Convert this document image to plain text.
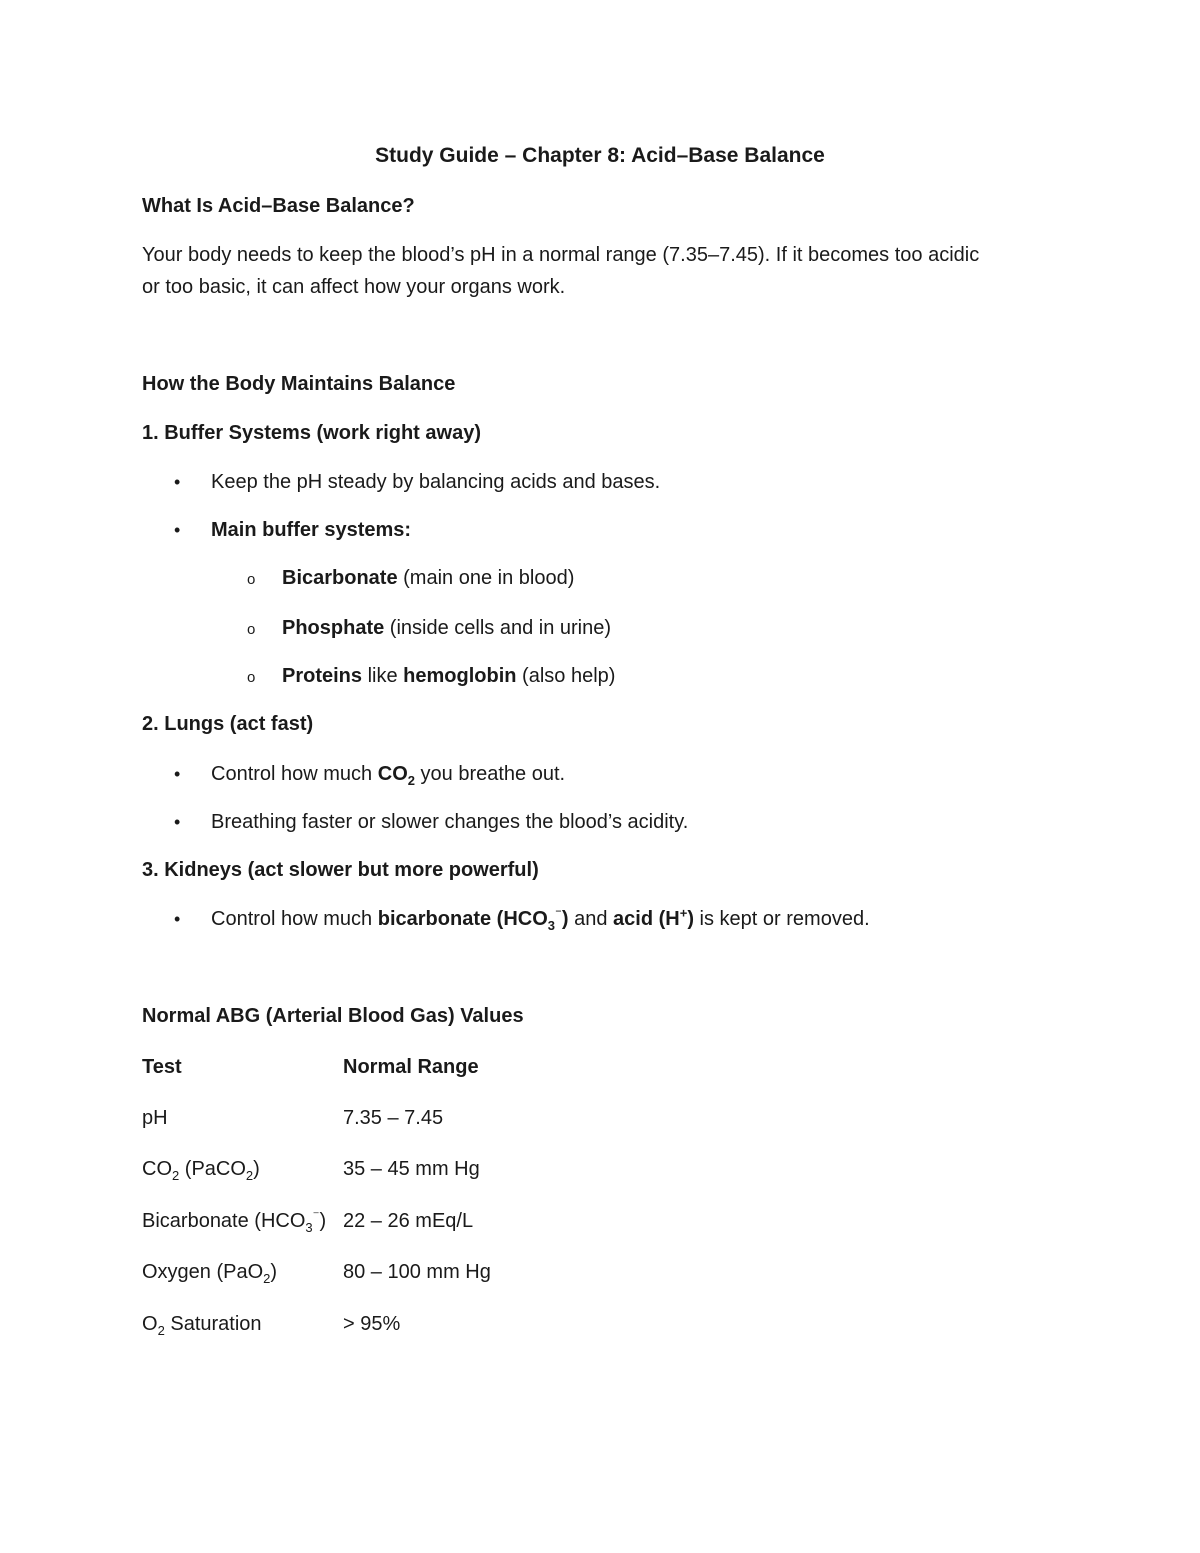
Study Guide – Chapter 8: Acid–Base Balance
What Is Acid–Base Balance?
Your body needs to keep the blood’s pH in a normal range (7.35–7.45). If it becomes too acidic
or too basic, it can affect how your organs work.
How the Body Maintains Balance
1. Buffer Systems (work right away)
• Keep the pH steady by balancing acids and bases.
• Main buffer systems:
o Bicarbonate (main one in blood)
o Phosphate (inside cells and in urine)
o Proteins like hemoglobin (also help)
2. Lungs (act fast)
• Control how much $CO_2$ you breathe out.
• Breathing faster or slower changes the blood’s acidity.
3. Kidneys (act slower but more powerful)
• Control how much bicarbonate $(HCO_3^{^-})$ and acid (H+) is kept or removed.
Normal ABG (Arterial Blood Gas) Values
Test	Normal Range
pH	7.35 – 7.45
$CO_2$ (PaCO$_2$)	35 – 45 mm Hg
Bicarbonate $(HCO_3^{^-})$ 22 – 26 mEq/L
Oxygen (PaO$_2$)	80 – 100 mm Hg
$O_2$ Saturation	> 95%
